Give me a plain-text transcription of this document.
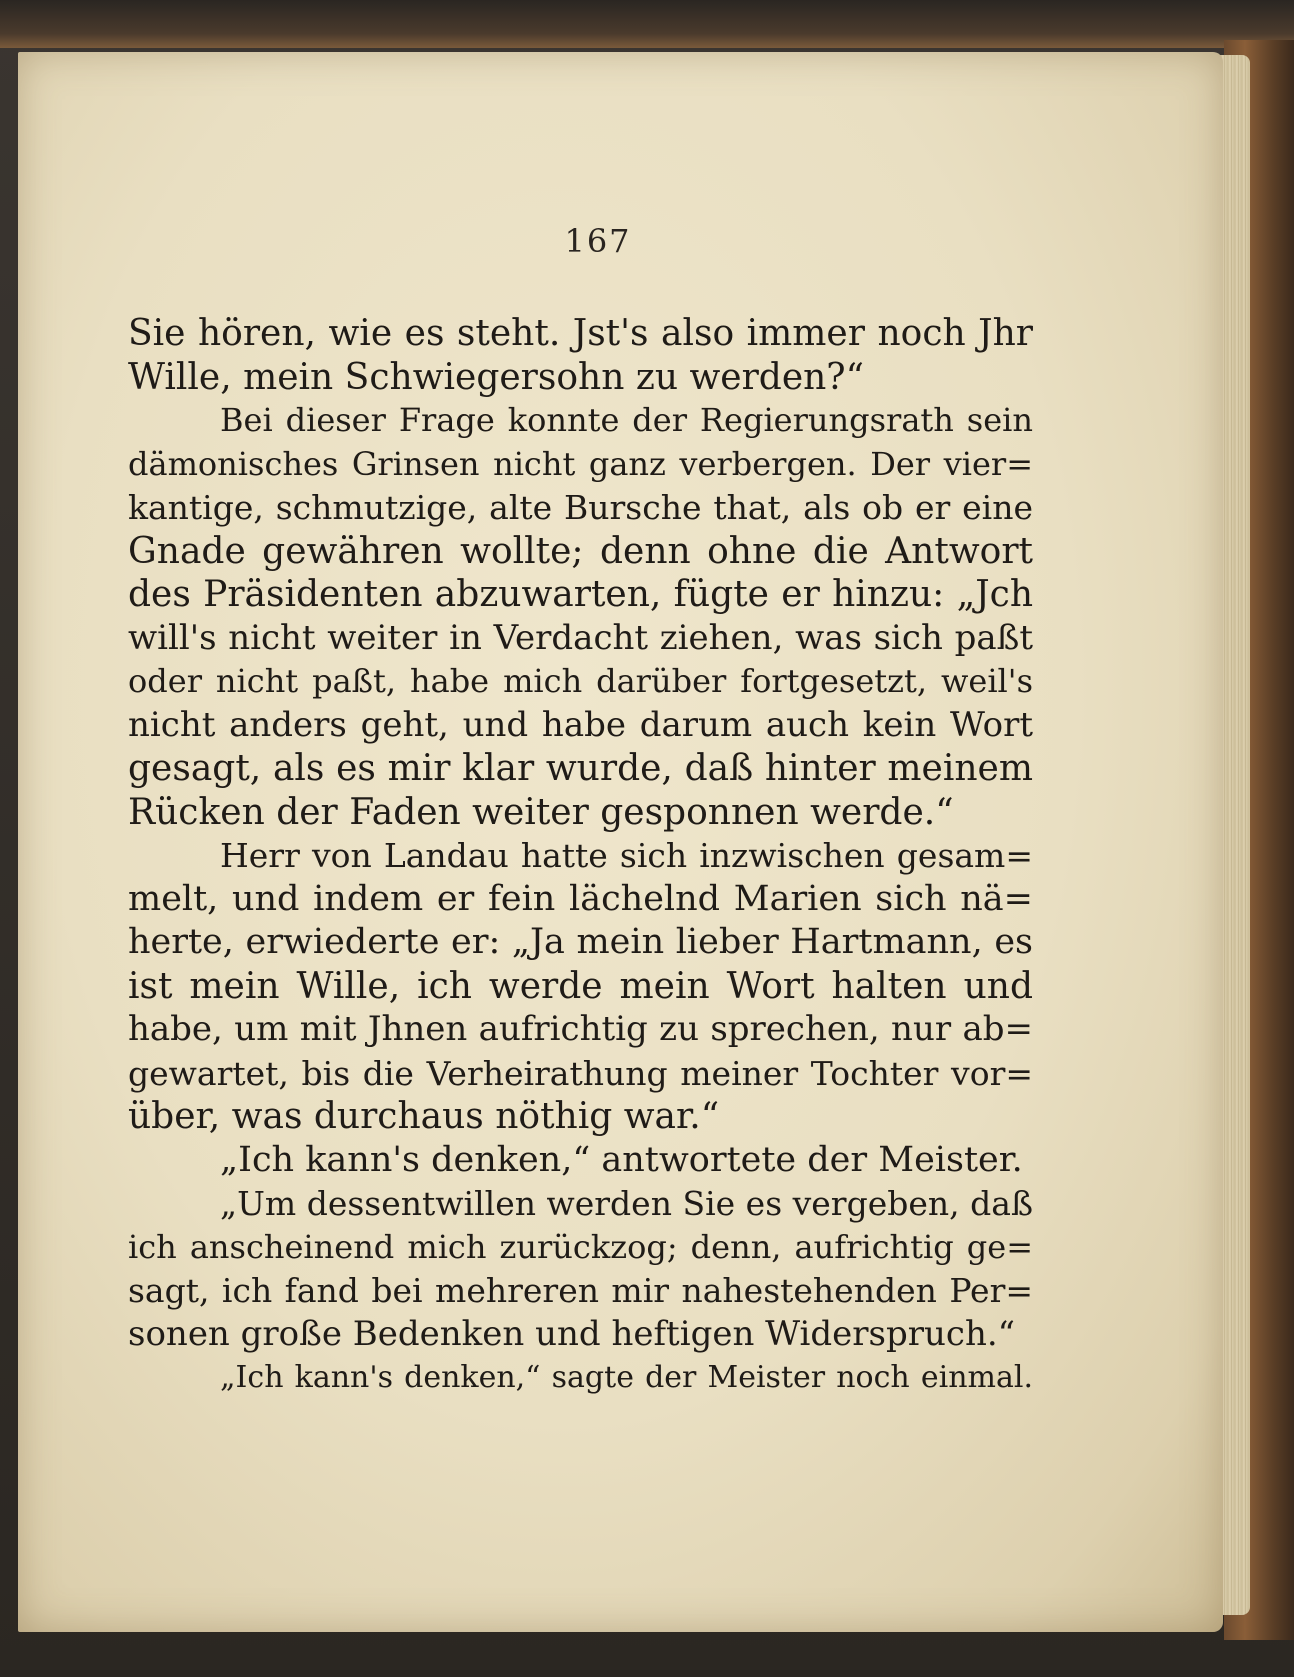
167
Sie hören, wie es steht. Jst's also immer noch Jhr
Wille, mein Schwiegersohn zu werden?“
Bei dieser Frage konnte der Regierungsrath sein
dämonisches Grinsen nicht ganz verbergen. Der vier=
kantige, schmutzige, alte Bursche that, als ob er eine
Gnade gewähren wollte; denn ohne die Antwort
des Präsidenten abzuwarten, fügte er hinzu: „Jch
will's nicht weiter in Verdacht ziehen, was sich paßt
oder nicht paßt, habe mich darüber fortgesetzt, weil's
nicht anders geht, und habe darum auch kein Wort
gesagt, als es mir klar wurde, daß hinter meinem
Rücken der Faden weiter gesponnen werde.“
Herr von Landau hatte sich inzwischen gesam=
melt, und indem er fein lächelnd Marien sich nä=
herte, erwiederte er: „Ja mein lieber Hartmann, es
ist mein Wille, ich werde mein Wort halten und
habe, um mit Jhnen aufrichtig zu sprechen, nur ab=
gewartet, bis die Verheirathung meiner Tochter vor=
über, was durchaus nöthig war.“
„Ich kann's denken,“ antwortete der Meister.
„Um dessentwillen werden Sie es vergeben, daß
ich anscheinend mich zurückzog; denn, aufrichtig ge=
sagt, ich fand bei mehreren mir nahestehenden Per=
sonen große Bedenken und heftigen Widerspruch.“
„Ich kann's denken,“ sagte der Meister noch einmal.
